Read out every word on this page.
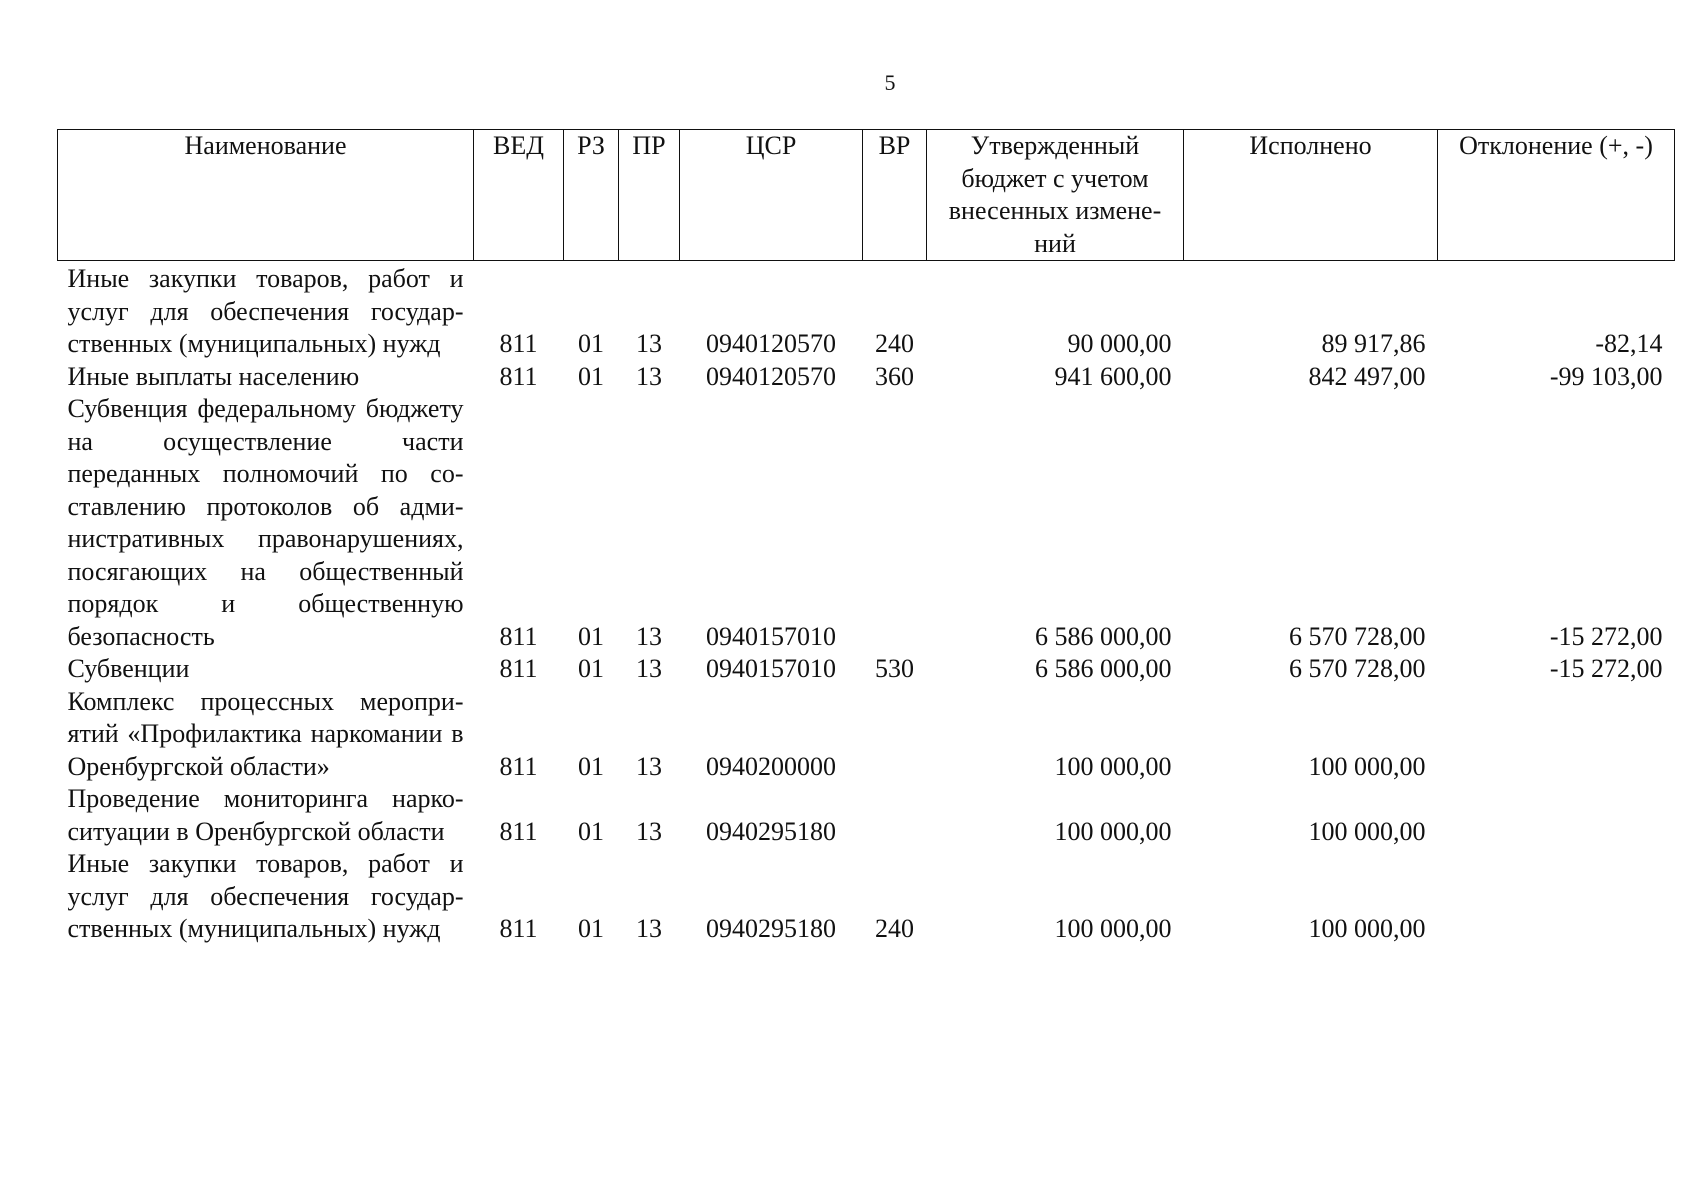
5
Наименование	ВЕД	РЗ	ПР	ЦСР	ВР	Утвержденный бюджет с учетом внесенных измене-ний	Исполнено	Отклонение (+, -)
Иные закупки товаров, работ и услуг для обеспечения государственных (муниципальных) нужд	811	01	13	0940120570	240	90 000,00	89 917,86	-82,14
Иные выплаты населению	811	01	13	0940120570	360	941 600,00	842 497,00	-99 103,00
Субвенция федеральному бюджету на осуществление части переданных полномочий по составлению протоколов об административных правонарушениях, посягающих на общественный порядок и общественную безопасность	811	01	13	0940157010		6 586 000,00	6 570 728,00	-15 272,00
Субвенции	811	01	13	0940157010	530	6 586 000,00	6 570 728,00	-15 272,00
Комплекс процессных мероприятий «Профилактика наркомании в Оренбургской области»	811	01	13	0940200000		100 000,00	100 000,00	
Проведение мониторинга наркоситуации в Оренбургской области	811	01	13	0940295180		100 000,00	100 000,00	
Иные закупки товаров, работ и услуг для обеспечения государственных (муниципальных) нужд	811	01	13	0940295180	240	100 000,00	100 000,00	
